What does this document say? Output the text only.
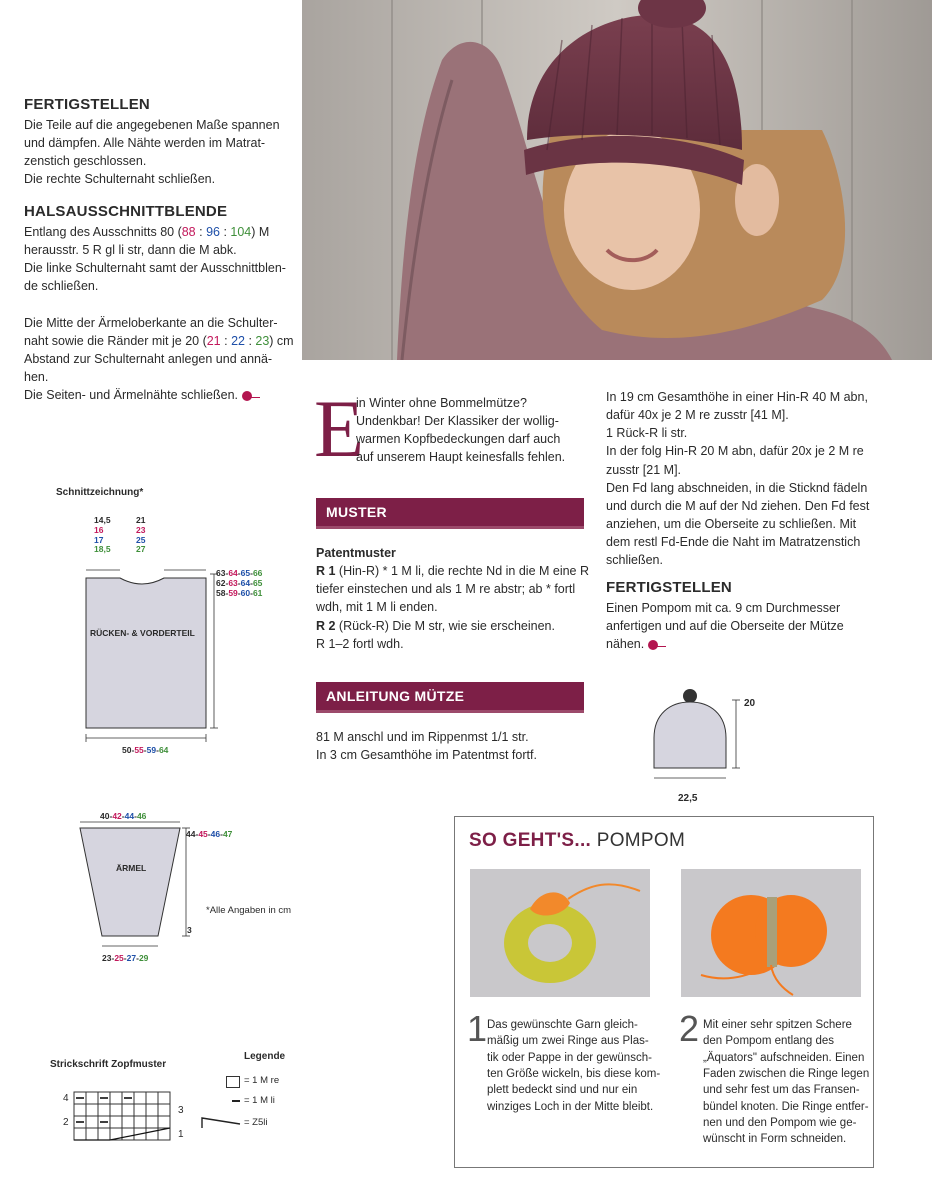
FERTIGSTELLEN

Die Teile auf die angegebenen Maße spannen

und dämpfen. Alle Nähte werden im Matrat-

zenstich geschlossen.

Die rechte Schulternaht schließen.

HALSAUSSCHNITTBLENDE

Entlang des Ausschnitts 80 (88 : 96 : 104) M

herausstr. 5 R gl li str, dann die M abk.

Die linke Schulternaht samt der Ausschnittblen-

de schließen.

Die Mitte der Ärmeloberkante an die Schulter-

naht sowie die Ränder mit je 20 (21 : 22 : 23) cm

Abstand zur Schulternaht anlegen und annä-

hen.

Die Seiten- und Ärmelnähte schließen.

Schnittzeichnung*
14,5
16
17
18,5
21
23
25
27
RÜCKEN- & VORDERTEIL
63-64-65-66
62-63-64-65
58-59-60-61
50-55-59-64
40-42-44-46
ÄRMEL
44-45-46-47
3
23-25-27-29
*Alle Angaben in cm
Strickschrift Zopfmuster
Legende
4
3
2
1
= 1 M re
= 1 M li
= Z5li
E

in Winter ohne Bommelmütze?

Undenkbar! Der Klassiker der wollig-

warmen Kopfbedeckungen darf auch

auf unserem Haupt keinesfalls fehlen.

MUSTER

Patentmuster

R 1 (Hin-R) * 1 M li, die rechte Nd in die M eine R

tiefer einstechen und als 1 M re abstr; ab * fortl

wdh, mit 1 M li enden.

R 2 (Rück-R) Die M str, wie sie erscheinen.

R 1–2 fortl wdh.

ANLEITUNG MÜTZE

81 M anschl und im Rippenmst 1/1 str.

In 3 cm Gesamthöhe im Patentmst fortf.

In 19 cm Gesamthöhe in einer Hin-R 40 M abn,

dafür 40x je 2 M re zusstr [41 M].

1 Rück-R li str.

In der folg Hin-R 20 M abn, dafür 20x je 2 M re

zusstr [21 M].

Den Fd lang abschneiden, in die Sticknd fädeln

und durch die M auf der Nd ziehen. Den Fd fest

anziehen, um die Oberseite zu schließen. Mit

dem restl Fd-Ende die Naht im Matratzenstich

schließen.

FERTIGSTELLEN

Einen Pompom mit ca. 9 cm Durchmesser

anfertigen und auf die Oberseite der Mütze

nähen.

20
22,5
SO GEHT'S... POMPOM
1 Das gewünschte Garn gleich-

mäßig um zwei Ringe aus Plas-

tik oder Pappe in der gewünsch-

ten Größe wickeln, bis diese kom-

plett bedeckt sind und nur ein

winziges Loch in der Mitte bleibt.

2 Mit einer sehr spitzen Schere

den Pompom entlang des

„Äquators" aufschneiden. Einen

Faden zwischen die Ringe legen

und sehr fest um das Fransen-

bündel knoten. Die Ringe entfer-

nen und den Pompom wie ge-

wünscht in Form schneiden.
